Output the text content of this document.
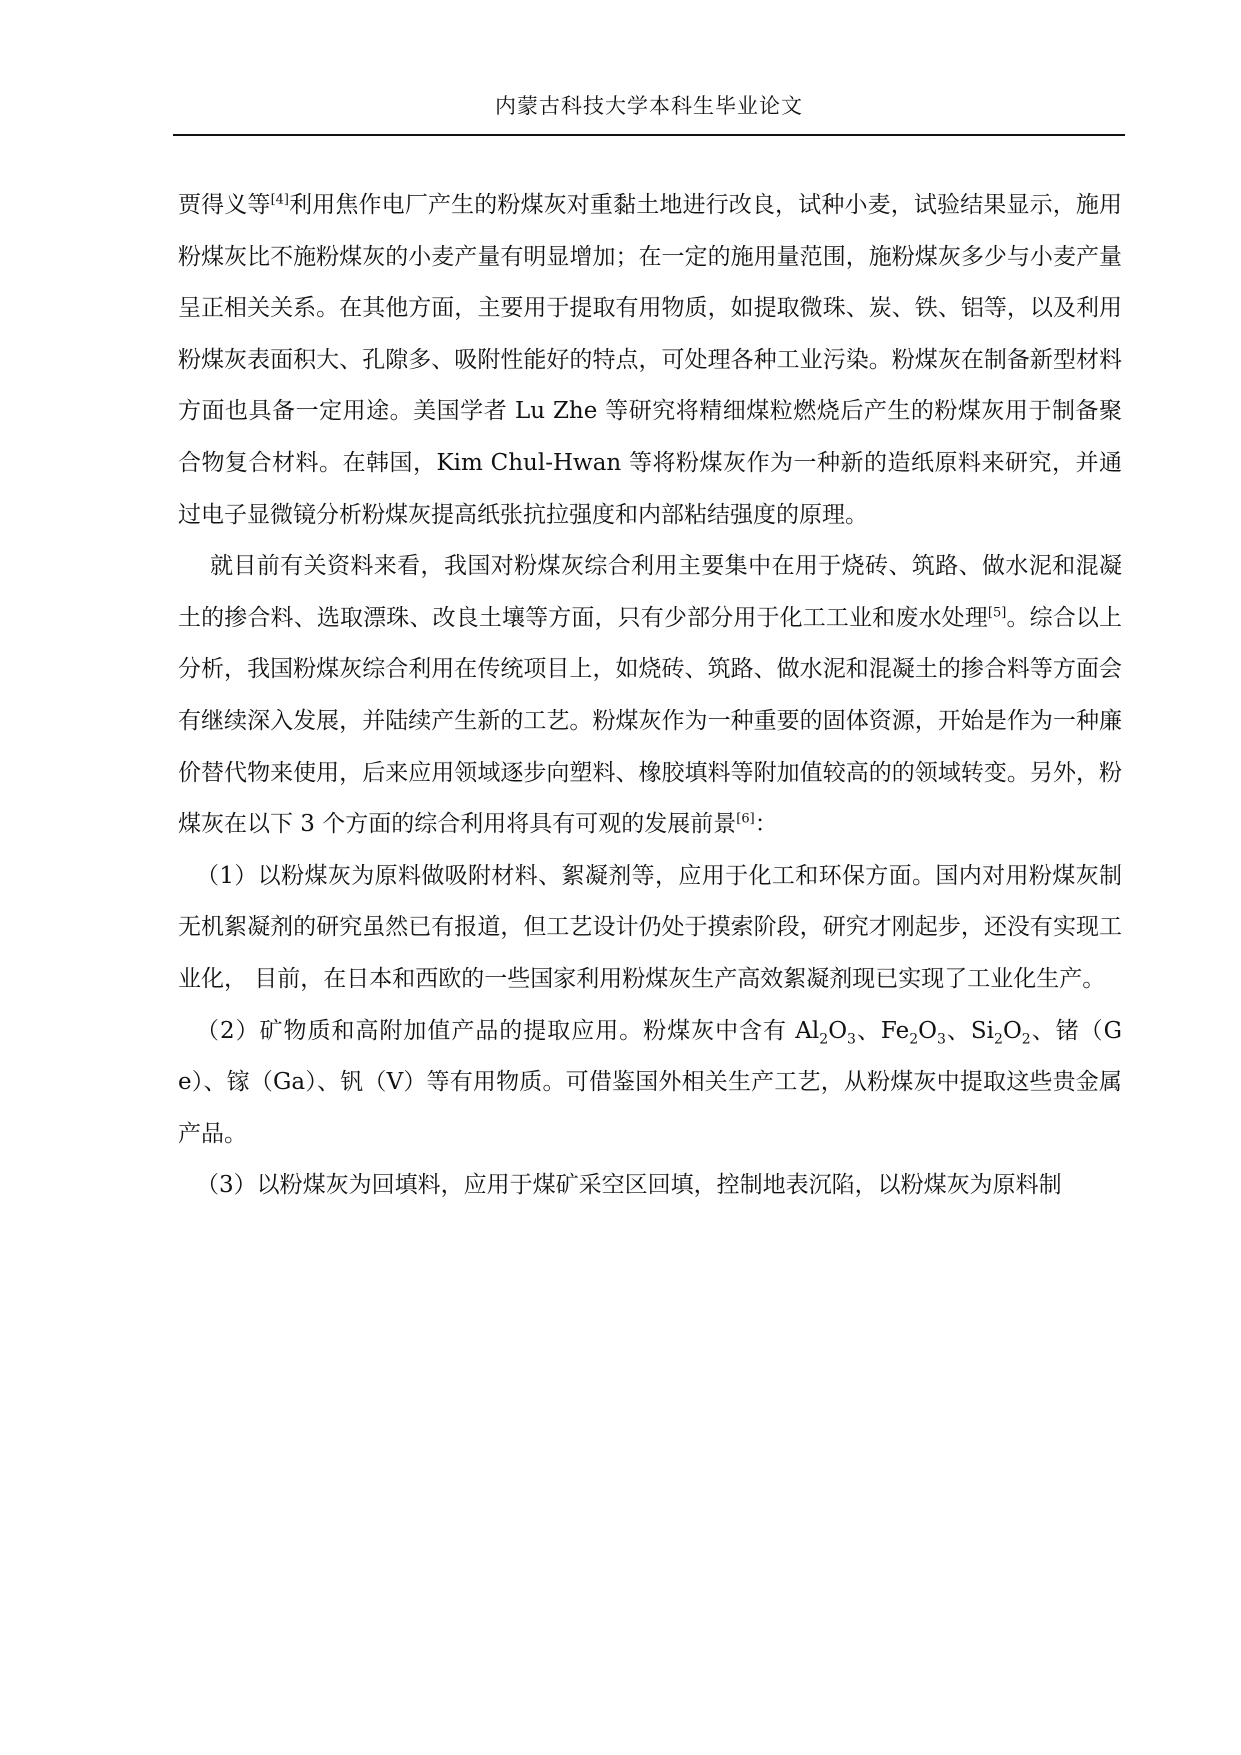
内蒙古科技大学本科生毕业论文

贾得义等[4]利用焦作电厂产生的粉煤灰对重黏土地进行改良，试种小麦，试验结果显示，施用粉煤灰比不施粉煤灰的小麦产量有明显增加；在一定的施用量范围，施粉煤灰多少与小麦产量呈正相关关系。在其他方面，主要用于提取有用物质，如提取微珠、炭、铁、铝等，以及利用粉煤灰表面积大、孔隙多、吸附性能好的特点，可处理各种工业污染。粉煤灰在制备新型材料方面也具备一定用途。美国学者 Lu Zhe 等研究将精细煤粒燃烧后产生的粉煤灰用于制备聚合物复合材料。在韩国，Kim Chul-Hwan 等将粉煤灰作为一种新的造纸原料来研究，并通过电子显微镜分析粉煤灰提高纸张抗拉强度和内部粘结强度的原理。

就目前有关资料来看，我国对粉煤灰综合利用主要集中在用于烧砖、筑路、做水泥和混凝土的掺合料、选取漂珠、改良土壤等方面，只有少部分用于化工工业和废水处理[5]。综合以上分析，我国粉煤灰综合利用在传统项目上，如烧砖、筑路、做水泥和混凝土的掺合料等方面会有继续深入发展，并陆续产生新的工艺。粉煤灰作为一种重要的固体资源，开始是作为一种廉价替代物来使用，后来应用领域逐步向塑料、橡胶填料等附加值较高的的领域转变。另外，粉煤灰在以下 3 个方面的综合利用将具有可观的发展前景[6]：

（1）以粉煤灰为原料做吸附材料、絮凝剂等，应用于化工和环保方面。国内对用粉煤灰制无机絮凝剂的研究虽然已有报道，但工艺设计仍处于摸索阶段，研究才刚起步，还没有实现工业化， 目前，在日本和西欧的一些国家利用粉煤灰生产高效絮凝剂现已实现了工业化生产。

（2）矿物质和高附加值产品的提取应用。粉煤灰中含有 $Al_2O_3$、$Fe_2O_3$、$Si_2O_2$、锗（Ge）、镓（Ga）、钒（V）等有用物质。可借鉴国外相关生产工艺，从粉煤灰中提取这些贵金属产品。

（3）以粉煤灰为回填料，应用于煤矿采空区回填，控制地表沉陷，以粉煤灰为原料制
